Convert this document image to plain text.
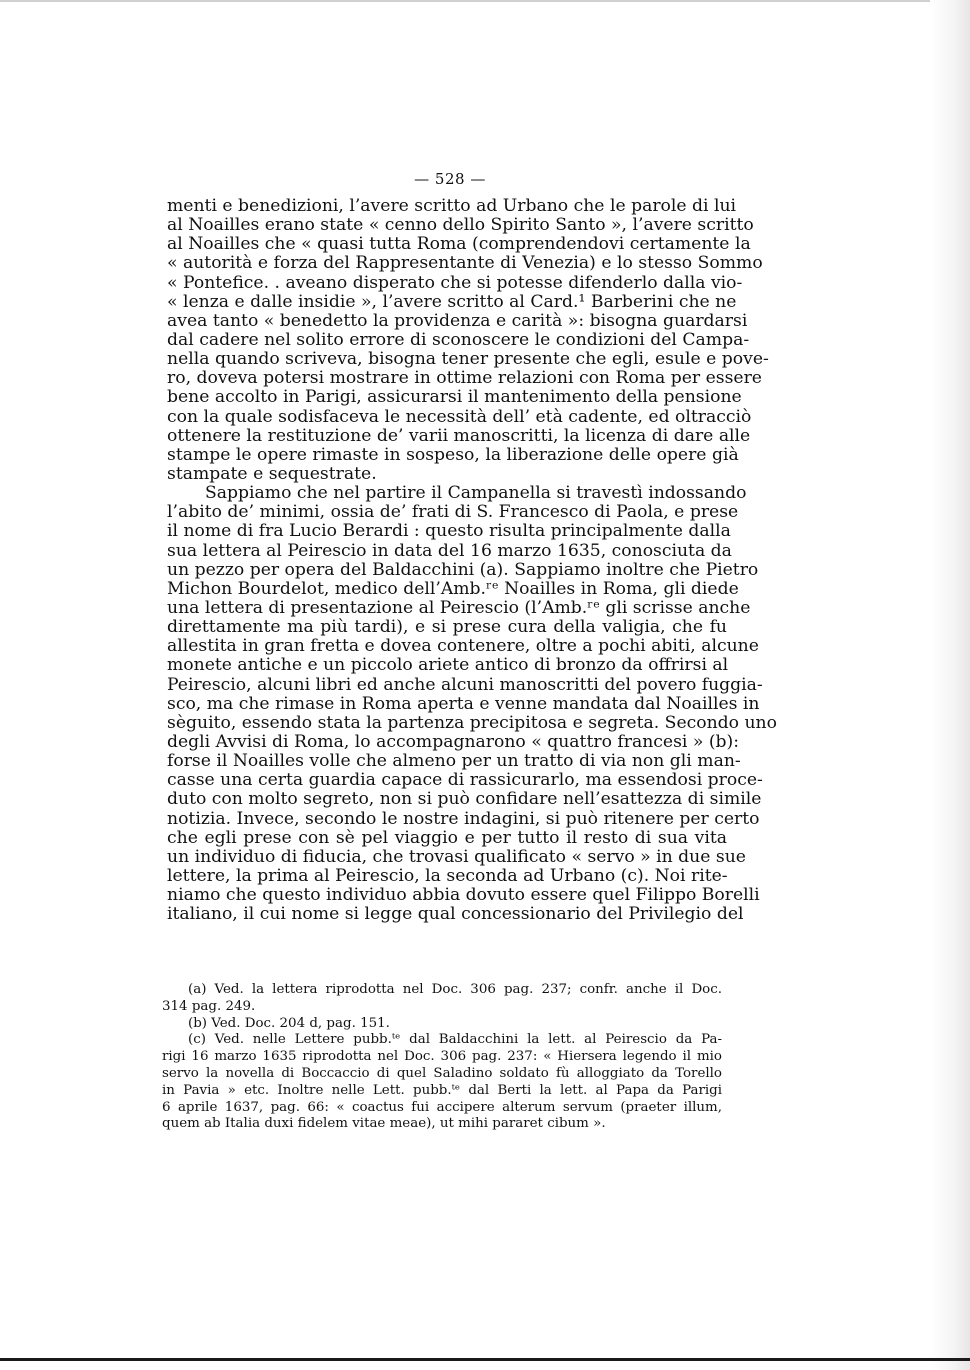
— 528 —

menti e benedizioni, l’avere scritto ad Urbano che le parole di lui
al Noailles erano state « cenno dello Spirito Santo », l’avere scritto
al Noailles che « quasi tutta Roma (comprendendovi certamente la
« autorità e forza del Rappresentante di Venezia) e lo stesso Sommo
« Pontefice. . aveano disperato che si potesse difenderlo dalla vio-
« lenza e dalle insidie », l’avere scritto al Card.¹ Barberini che ne
avea tanto « benedetto la providenza e carità »: bisogna guardarsi
dal cadere nel solito errore di sconoscere le condizioni del Campa-
nella quando scriveva, bisogna tener presente che egli, esule e pove-
ro, doveva potersi mostrare in ottime relazioni con Roma per essere
bene accolto in Parigi, assicurarsi il mantenimento della pensione
con la quale sodisfaceva le necessità dell’ età cadente, ed oltracciò
ottenere la restituzione de’ varii manoscritti, la licenza di dare alle
stampe le opere rimaste in sospeso, la liberazione delle opere già
stampate e sequestrate.

Sappiamo che nel partire il Campanella si travestì indossando
l’abito de’ minimi, ossia de’ frati di S. Francesco di Paola, e prese
il nome di fra Lucio Berardi : questo risulta principalmente dalla
sua lettera al Peirescio in data del 16 marzo 1635, conosciuta da
un pezzo per opera del Baldacchini (a). Sappiamo inoltre che Pietro
Michon Bourdelot, medico dell’Amb.ʳᵉ Noailles in Roma, gli diede
una lettera di presentazione al Peirescio (l’Amb.ʳᵉ gli scrisse anche
direttamente ma più tardi), e si prese cura della valigia, che fu
allestita in gran fretta e dovea contenere, oltre a pochi abiti, alcune
monete antiche e un piccolo ariete antico di bronzo da offrirsi al
Peirescio, alcuni libri ed anche alcuni manoscritti del povero fuggia-
sco, ma che rimase in Roma aperta e venne mandata dal Noailles in
sèguito, essendo stata la partenza precipitosa e segreta. Secondo uno
degli Avvisi di Roma, lo accompagnarono « quattro francesi » (b):
forse il Noailles volle che almeno per un tratto di via non gli man-
casse una certa guardia capace di rassicurarlo, ma essendosi proce-
duto con molto segreto, non si può confidare nell’esattezza di simile
notizia. Invece, secondo le nostre indagini, si può ritenere per certo
che egli prese con sè pel viaggio e per tutto il resto di sua vita
un individuo di fiducia, che trovasi qualificato « servo » in due sue
lettere, la prima al Peirescio, la seconda ad Urbano (c). Noi rite-
niamo che questo individuo abbia dovuto essere quel Filippo Borelli
italiano, il cui nome si legge qual concessionario del Privilegio del

(a) Ved. la lettera riprodotta nel Doc. 306 pag. 237; confr. anche il Doc.
314 pag. 249.
(b) Ved. Doc. 204 d, pag. 151.
(c) Ved. nelle Lettere pubb.ᵗᵉ dal Baldacchini la lett. al Peirescio da Pa-
rigi 16 marzo 1635 riprodotta nel Doc. 306 pag. 237: « Hiersera legendo il mio
servo la novella di Boccaccio di quel Saladino soldato fù alloggiato da Torello
in Pavia » etc. Inoltre nelle Lett. pubb.ᵗᵉ dal Berti la lett. al Papa da Parigi
6 aprile 1637, pag. 66: « coactus fui accipere alterum servum (praeter illum,
quem ab Italia duxi fidelem vitae meae), ut mihi pararet cibum ».
